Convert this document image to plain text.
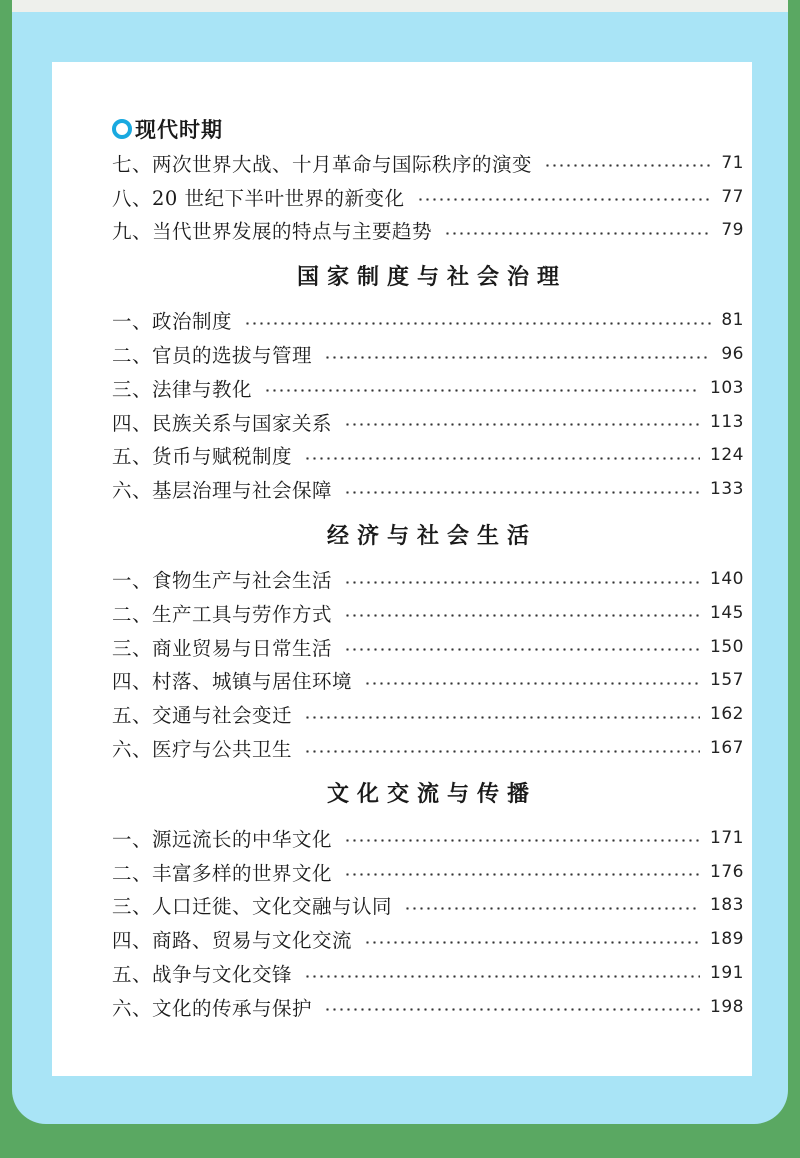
现代时期
七、两次世界大战、十月革命与国际秩序的演变	71
八、20 世纪下半叶世界的新变化	77
九、当代世界发展的特点与主要趋势	79
国家制度与社会治理
一、政治制度	81
二、官员的选拔与管理	96
三、法律与教化	103
四、民族关系与国家关系	113
五、货币与赋税制度	124
六、基层治理与社会保障	133
经济与社会生活
一、食物生产与社会生活	140
二、生产工具与劳作方式	145
三、商业贸易与日常生活	150
四、村落、城镇与居住环境	157
五、交通与社会变迁	162
六、医疗与公共卫生	167
文化交流与传播
一、源远流长的中华文化	171
二、丰富多样的世界文化	176
三、人口迁徙、文化交融与认同	183
四、商路、贸易与文化交流	189
五、战争与文化交锋	191
六、文化的传承与保护	198
